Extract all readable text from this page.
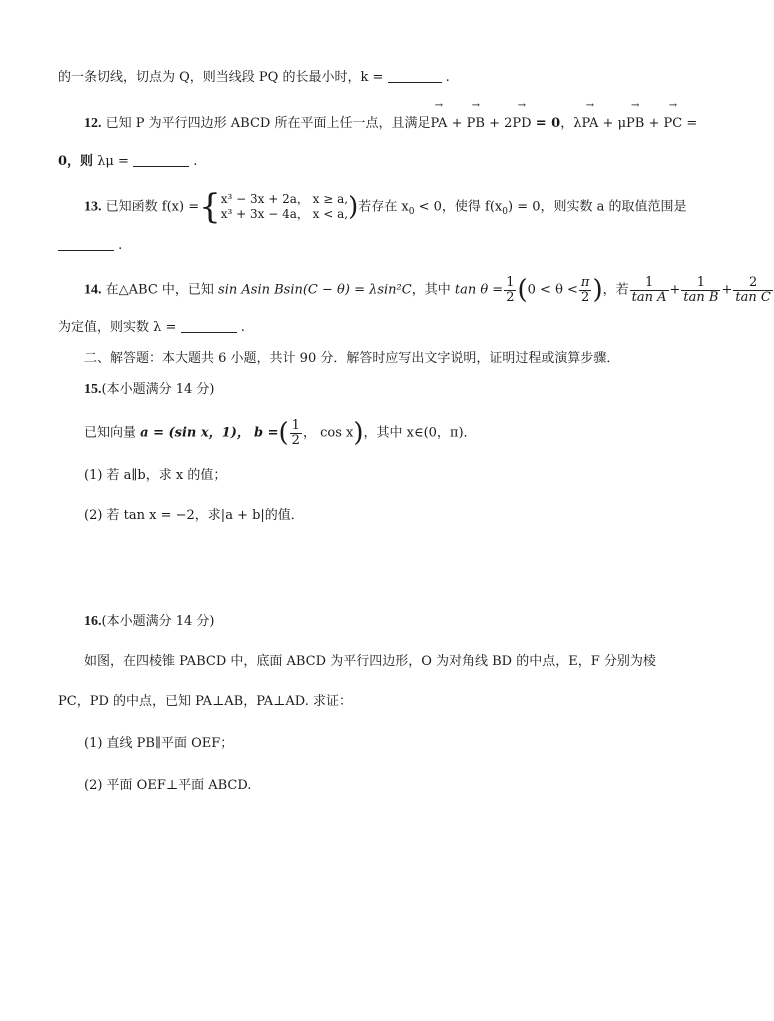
的一条切线，切点为 Q，则当线段 PQ 的长最小时，k =	.
12. 已知 P 为平行四边形 ABCD 所在平面上任一点，且满足→ PA + → PB + 2→ PD = 0，λ→ PA + μ→ PB + → PC =
0，则 λμ =	.
13. 已知函数 f(x) ={ x³ − 3x + 2a， x ≥ a,
x³ + 3x − 4a， x < a, )若存在 $x_0 < 0$，使得 $f(x_0) = 0$，则实数 a 的取值范围是
.
14. 在△ABC 中，已知 sin Asin Bsin(C − θ) = λsin²C，其中 $\tan \theta = \frac{1}{2} (0 < \theta < \frac{\pi}{2}$ )，若 $\frac{1}{\text{tan A}} + \frac{1}{\text{tan B}} + \frac{2}{\text{tan C}}$
为定值，则实数 λ =	.
二、解答题：本大题共 6 小题，共计 90 分．解答时应写出文字说明，证明过程或演算步骤．
15.(本小题满分 14 分)
已知向量 a = (sin x，1)， b =( $\frac{1}{2}$ ， cos x)，其中 x∈(0，π)．
(1) 若 a∥b，求 x 的值；
(2) 若 tan x = −2，求|a + b|的值．
16.(本小题满分 14 分)
如图，在四棱锥 PABCD 中，底面 ABCD 为平行四边形，O 为对角线 BD 的中点，E，F 分别为棱
PC，PD 的中点，已知 PA⊥AB，PA⊥AD. 求证：
(1) 直线 PB∥平面 OEF；
(2) 平面 OEF⊥平面 ABCD.
